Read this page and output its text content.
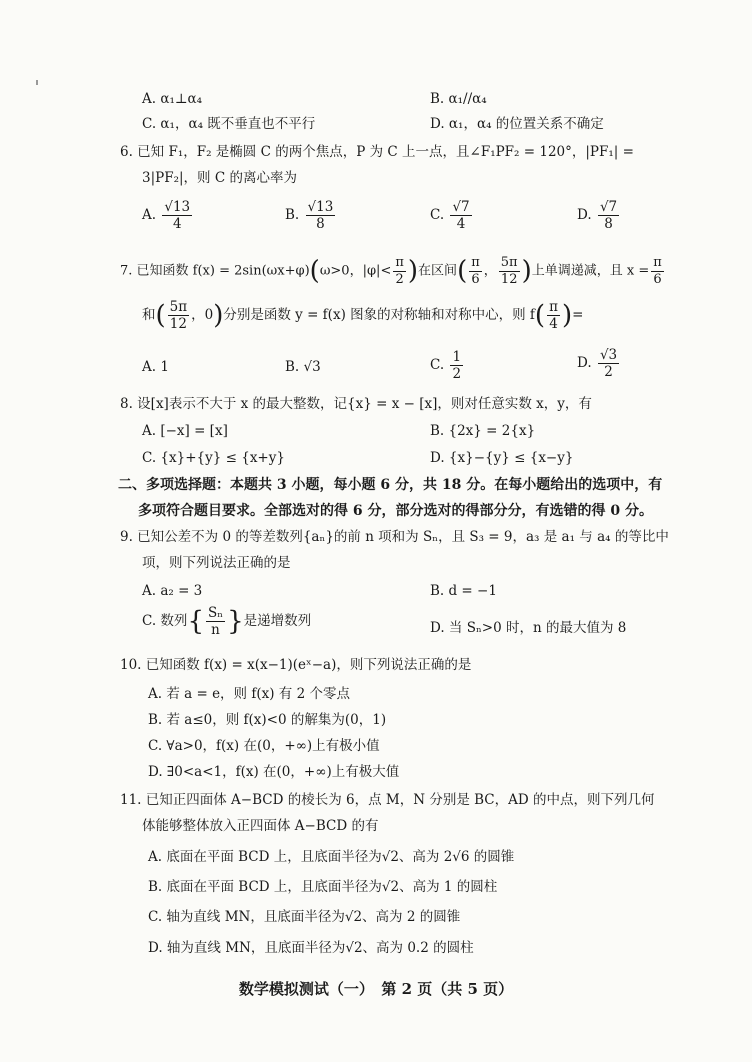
A. α₁⊥α₄	B. α₁//α₄
C. α₁，α₄ 既不垂直也不平行	D. α₁，α₄ 的位置关系不确定
6. 已知 F₁，F₂ 是椭圆 C 的两个焦点，P 为 C 上一点，且∠F₁PF₂ = 120°，|PF₁| =
3|PF₂|，则 C 的离心率为
A. $\frac{√13}{4}$	B. $\frac{√13}{8}$	C. $\frac{√7}{4}$	D. $\frac{√7}{8}$
7. 已知函数 f(x) = 2sin(ωx+φ)(ω>0，$|\varphi|< \frac{\pi}{2}$ )在区间( $\frac{\pi}{6}$ ， $\frac{5\pi}{12}$ )上单调递减，且 $x = \frac{\pi}{6}$
和( $\frac{5\pi}{12}$ ，0)分别是函数 y = f(x) 图象的对称轴和对称中心，则 $f( \frac{\pi}{4}$ )=
A. 1	B. √3	C. $\frac{1}{2}$	D. $\frac{√3}{2}$
8. 设[x]表示不大于 x 的最大整数，记{x} = x − [x]，则对任意实数 x，y，有
A. [−x] = [x]	B. {2x} = 2{x}
C. {x}+{y} ≤ {x+y}	D. {x}−{y} ≤ {x−y}
二、多项选择题：本题共 3 小题，每小题 6 分，共 18 分。在每小题给出的选项中，有
多项符合题目要求。全部选对的得 6 分，部分选对的得部分分，有选错的得 0 分。
9. 已知公差不为 0 的等差数列{aₙ}的前 n 项和为 Sₙ，且 S₃ = 9，a₃ 是 a₁ 与 a₄ 的等比中
项，则下列说法正确的是
A. a₂ = 3	B. d = −1
C. 数列{ $\frac{\text{Sₙ}}{n}$ }是递增数列	D. 当 Sₙ>0 时，n 的最大值为 8
10. 已知函数 f(x) = x(x−1)(eˣ−a)，则下列说法正确的是
A. 若 a = e，则 f(x) 有 2 个零点
B. 若 a≤0，则 f(x)<0 的解集为(0，1)
C. ∀a>0，f(x) 在(0，+∞)上有极小值
D. ∃0<a<1，f(x) 在(0，+∞)上有极大值
11. 已知正四面体 A−BCD 的棱长为 6，点 M，N 分别是 BC，AD 的中点，则下列几何
体能够整体放入正四面体 A−BCD 的有
A. 底面在平面 BCD 上，且底面半径为√2、高为 2√6 的圆锥
B. 底面在平面 BCD 上，且底面半径为√2、高为 1 的圆柱
C. 轴为直线 MN，且底面半径为√2、高为 2 的圆锥
D. 轴为直线 MN，且底面半径为√2、高为 0.2 的圆柱
数学模拟测试（一）　第 2 页（共 5 页）
